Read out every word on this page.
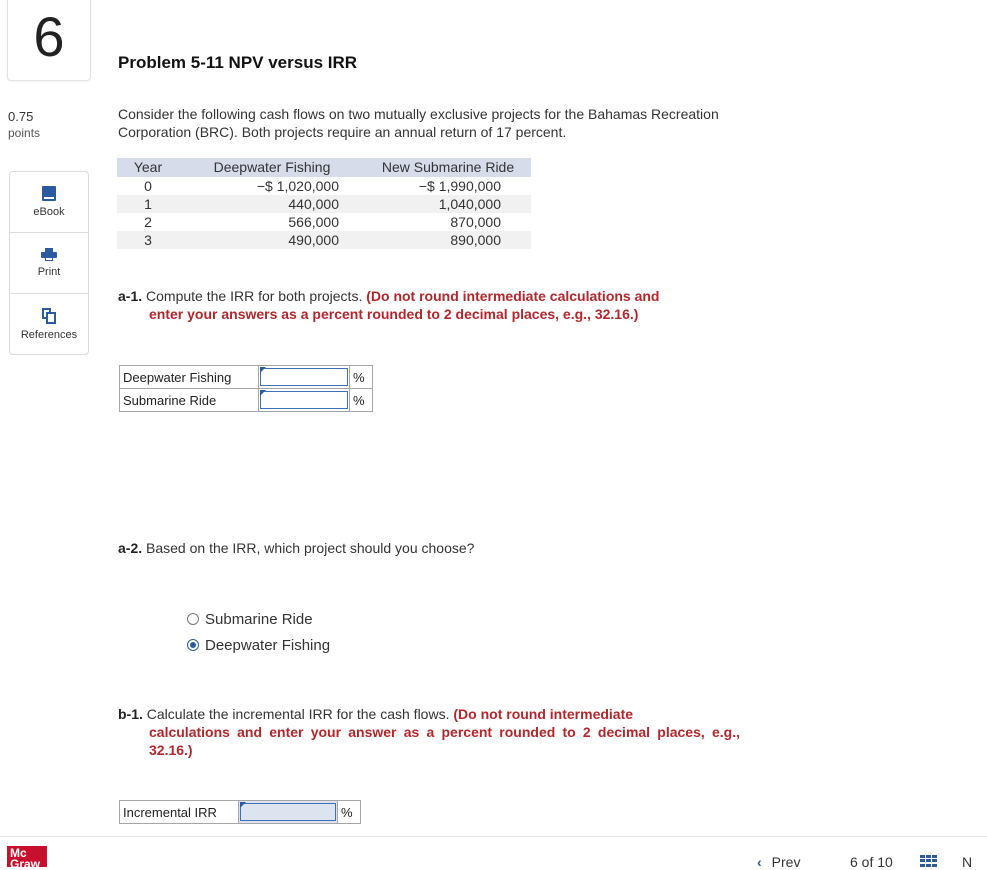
6
0.75
points
eBook
Print
References
Problem 5-11 NPV versus IRR
Consider the following cash flows on two mutually exclusive projects for the Bahamas Recreation Corporation (BRC). Both projects require an annual return of 17 percent.
Year	Deepwater Fishing	New Submarine Ride
0	−$ 1,020,000	−$ 1,990,000
1	440,000	1,040,000
2	566,000	870,000
3	490,000	890,000
a-1. Compute the IRR for both projects. (Do not round intermediate calculations and
enter your answers as a percent rounded to 2 decimal places, e.g., 32.16.)
Deepwater Fishing		%
Submarine Ride		%
a-2. Based on the IRR, which project should you choose?
Submarine Ride
Deepwater Fishing
b-1. Calculate the incremental IRR for the cash flows. (Do not round intermediate
calculations and enter your answer as a percent rounded to 2 decimal places, e.g., 32.16.)
Incremental IRR		%
Mc Graw	‹ Prev	6 of 10	N
